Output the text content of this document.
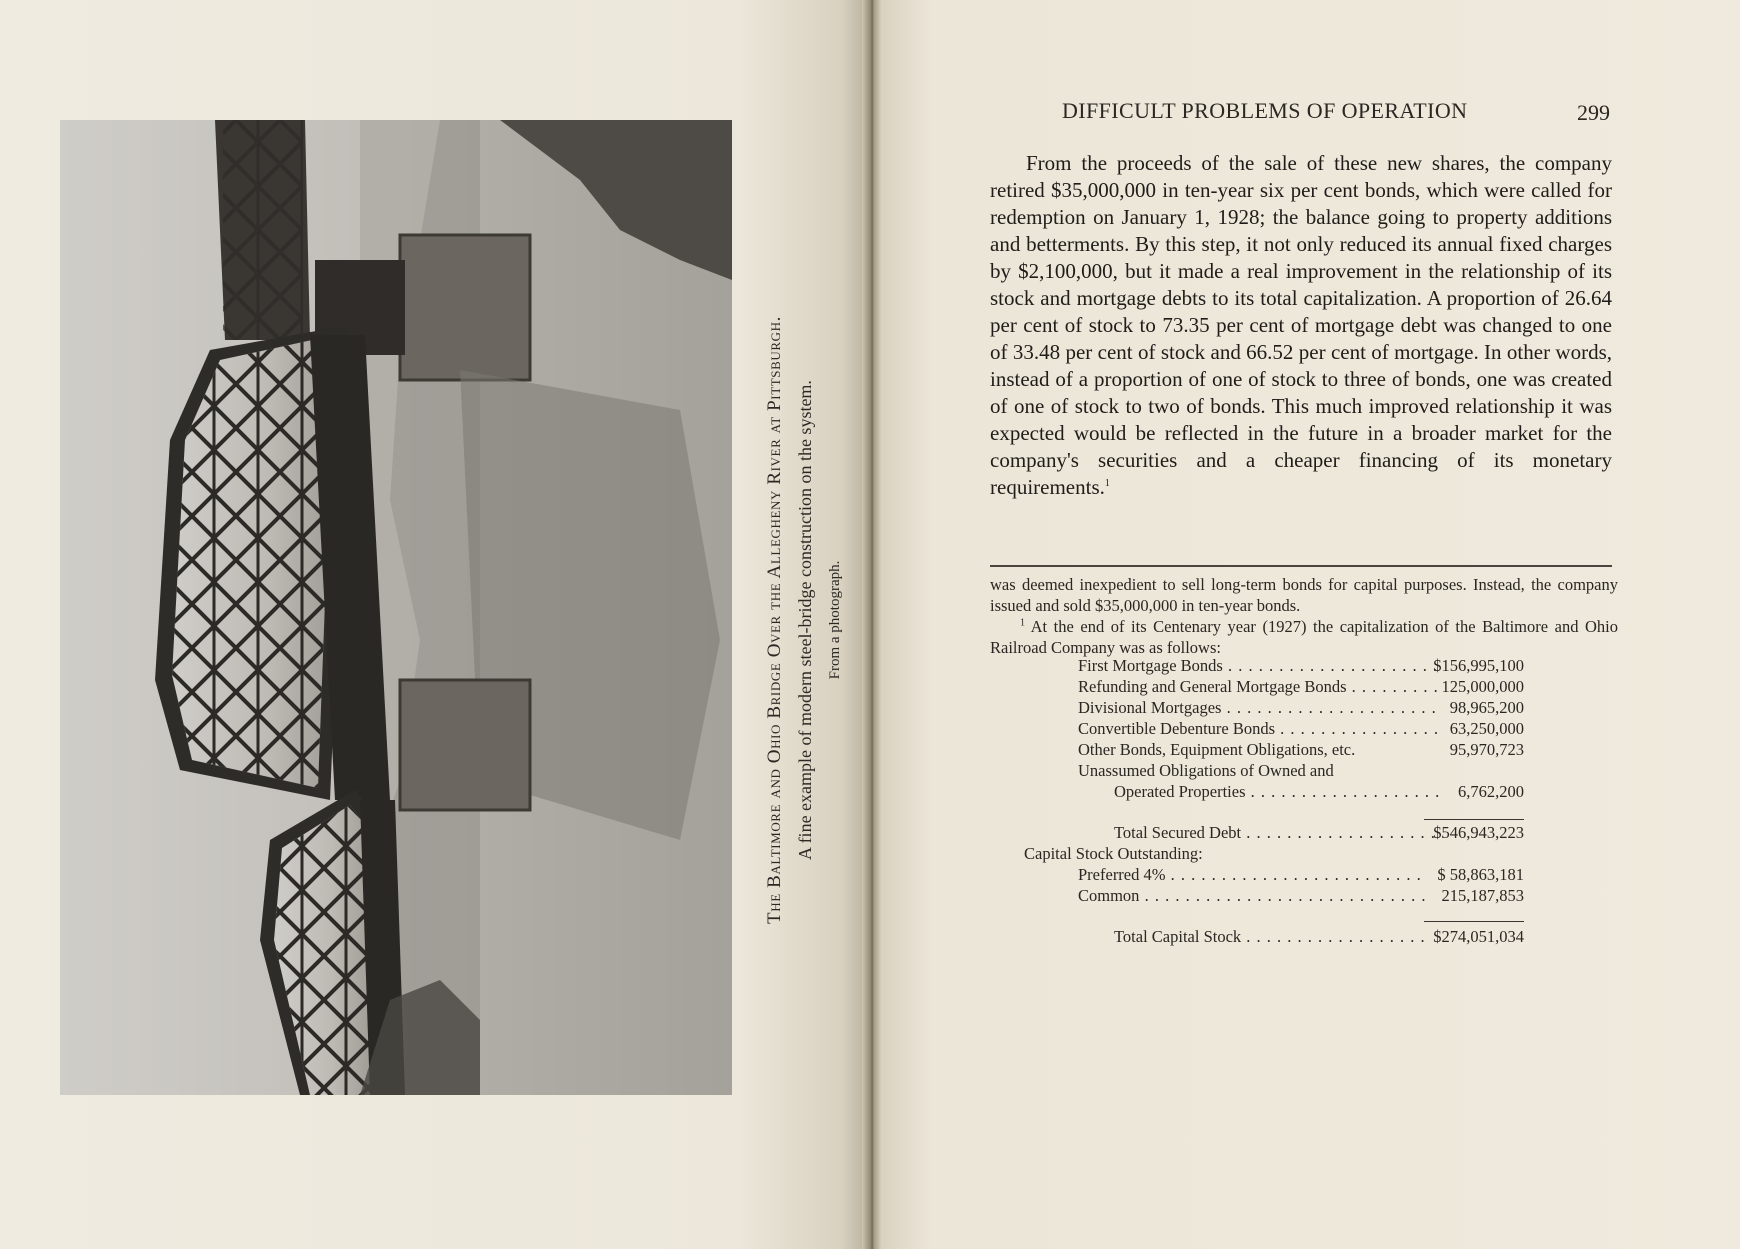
The Baltimore and Ohio Bridge Over the Allegheny River at Pittsburgh. A fine example of modern steel-bridge construction on the system. From a photograph.
DIFFICULT PROBLEMS OF OPERATION	299

From the proceeds of the sale of these new shares, the company retired $35,000,000 in ten-year six per cent bonds, which were called for redemption on January 1, 1928; the balance going to property additions and betterments. By this step, it not only reduced its annual fixed charges by $2,100,000, but it made a real improvement in the relationship of its stock and mortgage debts to its total capitalization. A proportion of 26.64 per cent of stock to 73.35 per cent of mortgage debt was changed to one of 33.48 per cent of stock and 66.52 per cent of mortgage. In other words, instead of a proportion of one of stock to three of bonds, one was created of one of stock to two of bonds. This much improved relationship it was expected would be reflected in the future in a broader market for the company's securities and a cheaper financing of its monetary requirements.$^1$

was deemed inexpedient to sell long-term bonds for capital purposes. Instead, the company issued and sold $35,000,000 in ten-year bonds.

$^1$ At the end of its Centenary year (1927) the capitalization of the Baltimore and Ohio Railroad Company was as follows:

First Mortgage Bonds . . .	$156,995,100
Refunding and General Mortgage Bonds . . .	125,000,000
Divisional Mortgages . . .	98,965,200
Convertible Debenture Bonds . . .	63,250,000
Other Bonds, Equipment Obligations, etc.	95,970,723
Unassumed Obligations of Owned and
Operated Properties . . .	6,762,200
Total Secured Debt . . .	$546,943,223
Capital Stock Outstanding:
Preferred 4% . . .	$ 58,863,181
Common . . .	215,187,853
Total Capital Stock . . .	$274,051,034
